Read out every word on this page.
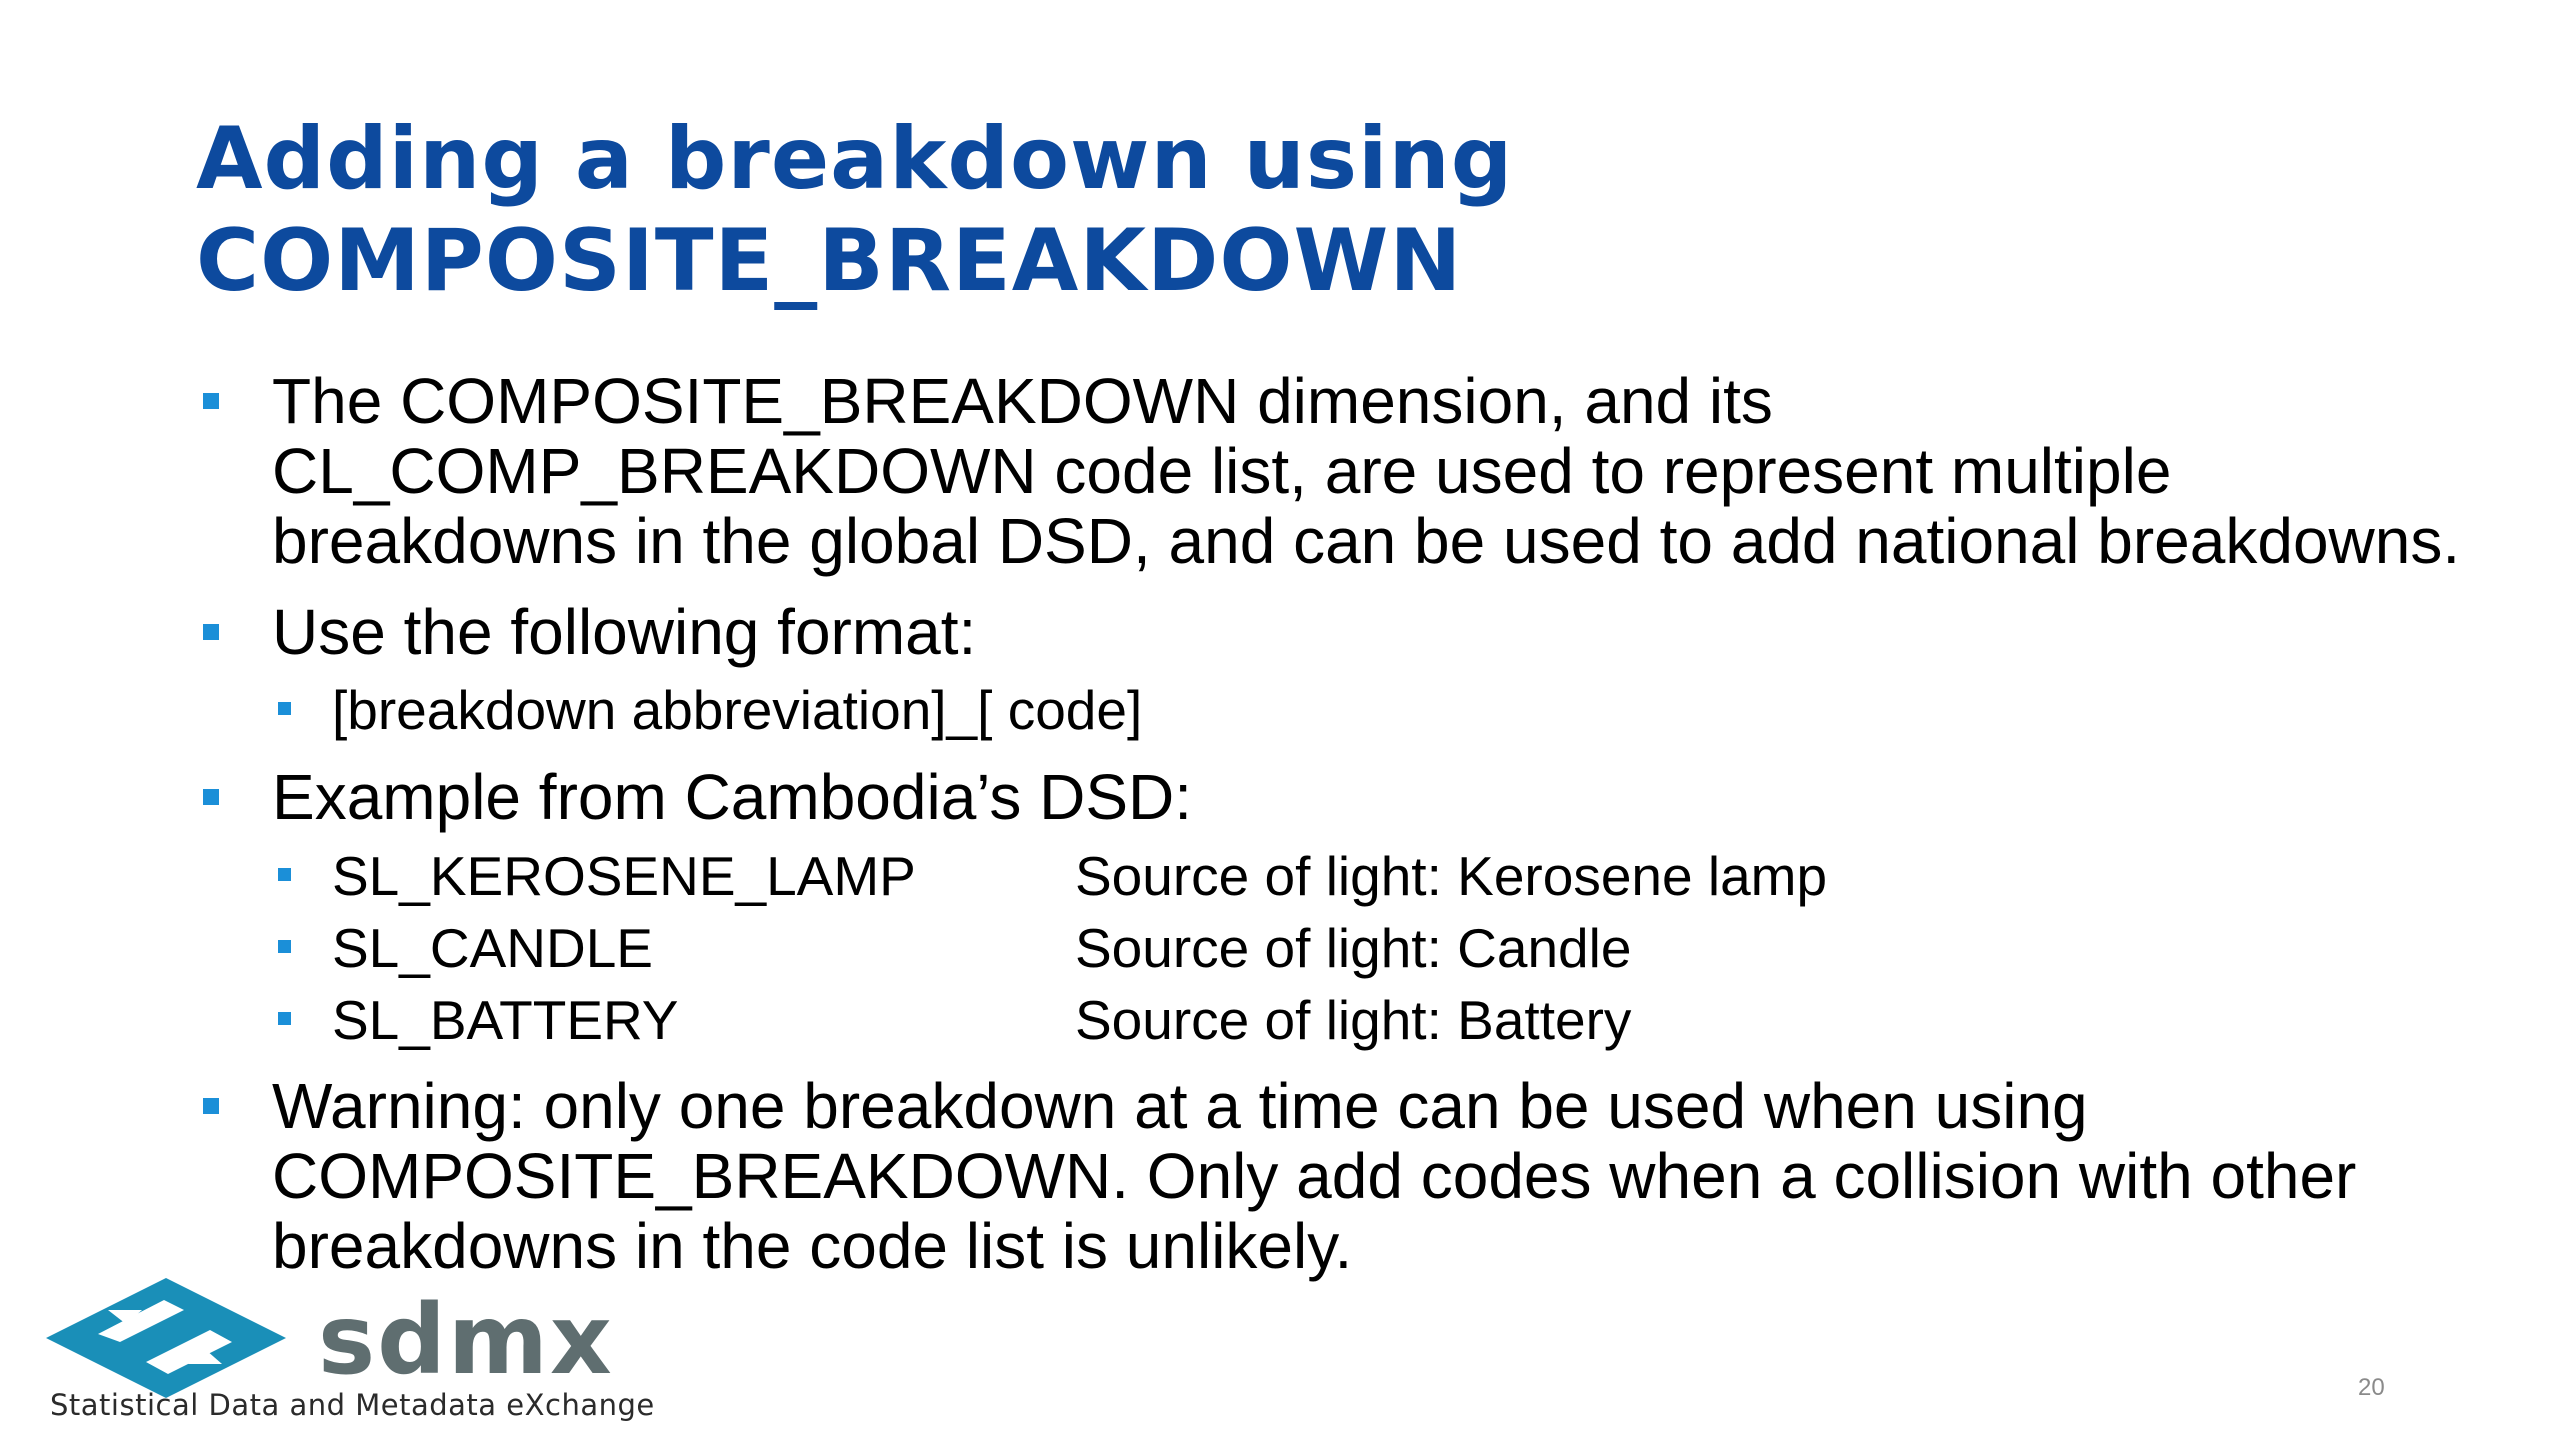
Adding a breakdown using
COMPOSITE_BREAKDOWN
The COMPOSITE_BREAKDOWN dimension, and its
CL_COMP_BREAKDOWN code list, are used to represent multiple
breakdowns in the global DSD, and can be used to add national breakdowns.
Use the following format:
[breakdown abbreviation]_[ code]
Example from Cambodia’s DSD:
SL_KEROSENE_LAMP	Source of light: Kerosene lamp
SL_CANDLE	Source of light: Candle
SL_BATTERY	Source of light: Battery
Warning: only one breakdown at a time can be used when using
COMPOSITE_BREAKDOWN. Only add codes when a collision with other
breakdowns in the code list is unlikely.
sdmx
Statistical Data and Metadata eXchange
20
